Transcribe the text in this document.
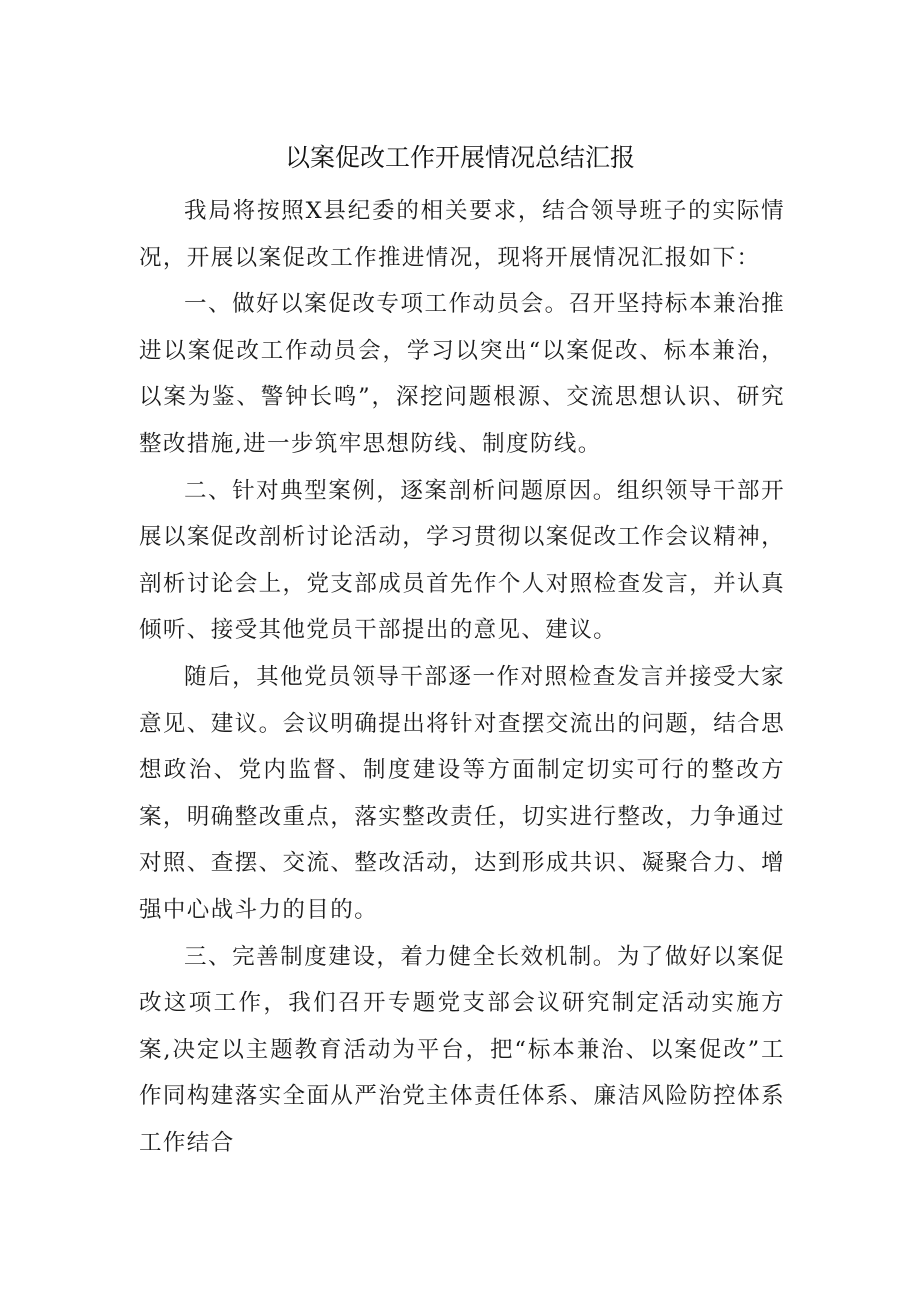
以案促改工作开展情况总结汇报

我局将按照X县纪委的相关要求，结合领导班子的实际情况，开展以案促改工作推进情况，现将开展情况汇报如下：

一、做好以案促改专项工作动员会。召开坚持标本兼治推进以案促改工作动员会，学习以突出“以案促改、标本兼治，以案为鉴、警钟长鸣”，深挖问题根源、交流思想认识、研究整改措施,进一步筑牢思想防线、制度防线。

二、针对典型案例，逐案剖析问题原因。组织领导干部开展以案促改剖析讨论活动，学习贯彻以案促改工作会议精神，剖析讨论会上，党支部成员首先作个人对照检查发言，并认真倾听、接受其他党员干部提出的意见、建议。

随后，其他党员领导干部逐一作对照检查发言并接受大家意见、建议。会议明确提出将针对查摆交流出的问题，结合思想政治、党内监督、制度建设等方面制定切实可行的整改方案，明确整改重点，落实整改责任，切实进行整改，力争通过对照、查摆、交流、整改活动，达到形成共识、凝聚合力、增强中心战斗力的目的。

三、完善制度建设，着力健全长效机制。为了做好以案促改这项工作，我们召开专题党支部会议研究制定活动实施方案,决定以主题教育活动为平台，把“标本兼治、以案促改”工作同构建落实全面从严治党主体责任体系、廉洁风险防控体系工作结合
